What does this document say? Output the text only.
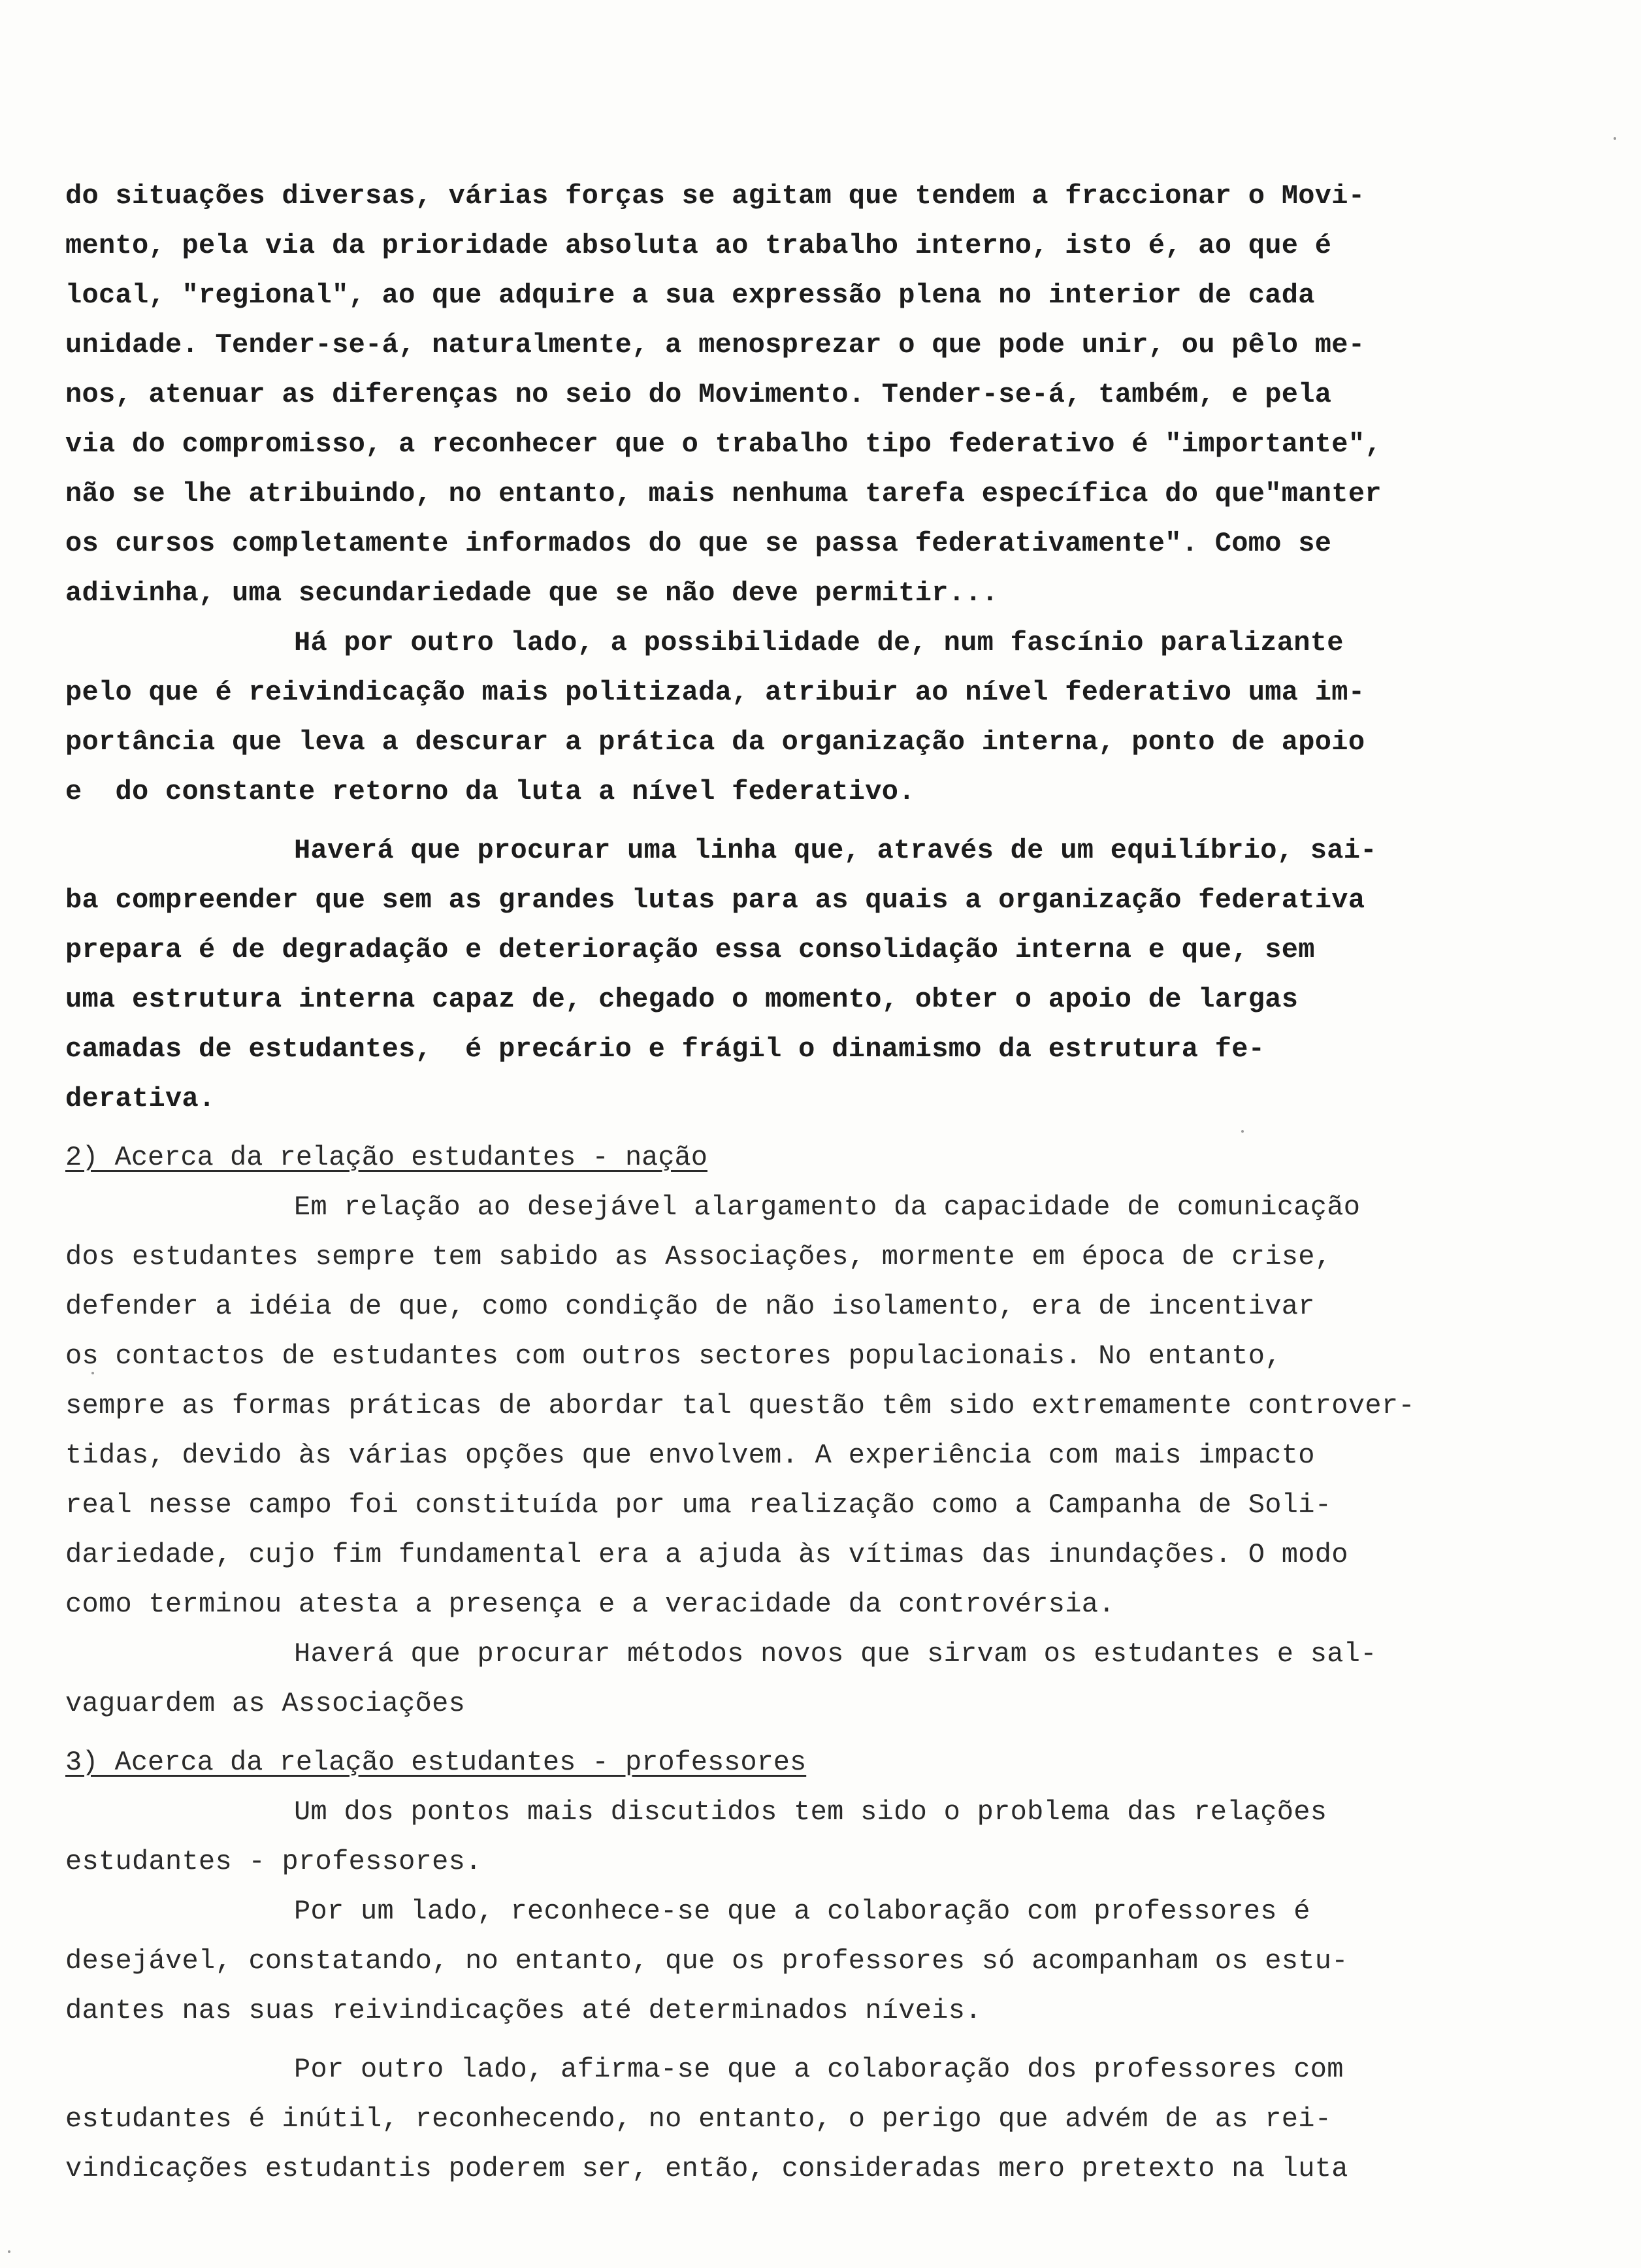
do situações diversas, várias forças se agitam que tendem a fraccionar o Movi-
mento, pela via da prioridade absoluta ao trabalho interno, isto é, ao que é
local, "regional", ao que adquire a sua expressão plena no interior de cada
unidade. Tender-se-á, naturalmente, a menosprezar o que pode unir, ou pêlo me-
nos, atenuar as diferenças no seio do Movimento. Tender-se-á, também, e pela
via do compromisso, a reconhecer que o trabalho tipo federativo é "importante",
não se lhe atribuindo, no entanto, mais nenhuma tarefa específica do que"manter
os cursos completamente informados do que se passa federativamente". Como se
adivinha, uma secundariedade que se não deve permitir...
Há por outro lado, a possibilidade de, num fascínio paralizante
pelo que é reivindicação mais politizada, atribuir ao nível federativo uma im-
portância que leva a descurar a prática da organização interna, ponto de apoio
e  do constante retorno da luta a nível federativo.
Haverá que procurar uma linha que, através de um equilíbrio, sai-
ba compreender que sem as grandes lutas para as quais a organização federativa
prepara é de degradação e deterioração essa consolidação interna e que, sem
uma estrutura interna capaz de, chegado o momento, obter o apoio de largas
camadas de estudantes,  é precário e frágil o dinamismo da estrutura fe-
derativa.
2) Acerca da relação estudantes - nação
Em relação ao desejável alargamento da capacidade de comunicação
dos estudantes sempre tem sabido as Associações, mormente em época de crise,
defender a idéia de que, como condição de não isolamento, era de incentivar
os contactos de estudantes com outros sectores populacionais. No entanto,
sempre as formas práticas de abordar tal questão têm sido extremamente controver-
tidas, devido às várias opções que envolvem. A experiência com mais impacto
real nesse campo foi constituída por uma realização como a Campanha de Soli-
dariedade, cujo fim fundamental era a ajuda às vítimas das inundações. O modo
como terminou atesta a presença e a veracidade da controvérsia.
Haverá que procurar métodos novos que sirvam os estudantes e sal-
vaguardem as Associações
3) Acerca da relação estudantes - professores
Um dos pontos mais discutidos tem sido o problema das relações
estudantes - professores.
Por um lado, reconhece-se que a colaboração com professores é
desejável, constatando, no entanto, que os professores só acompanham os estu-
dantes nas suas reivindicações até determinados níveis.
Por outro lado, afirma-se que a colaboração dos professores com
estudantes é inútil, reconhecendo, no entanto, o perigo que advém de as rei-
vindicações estudantis poderem ser, então, consideradas mero pretexto na luta
